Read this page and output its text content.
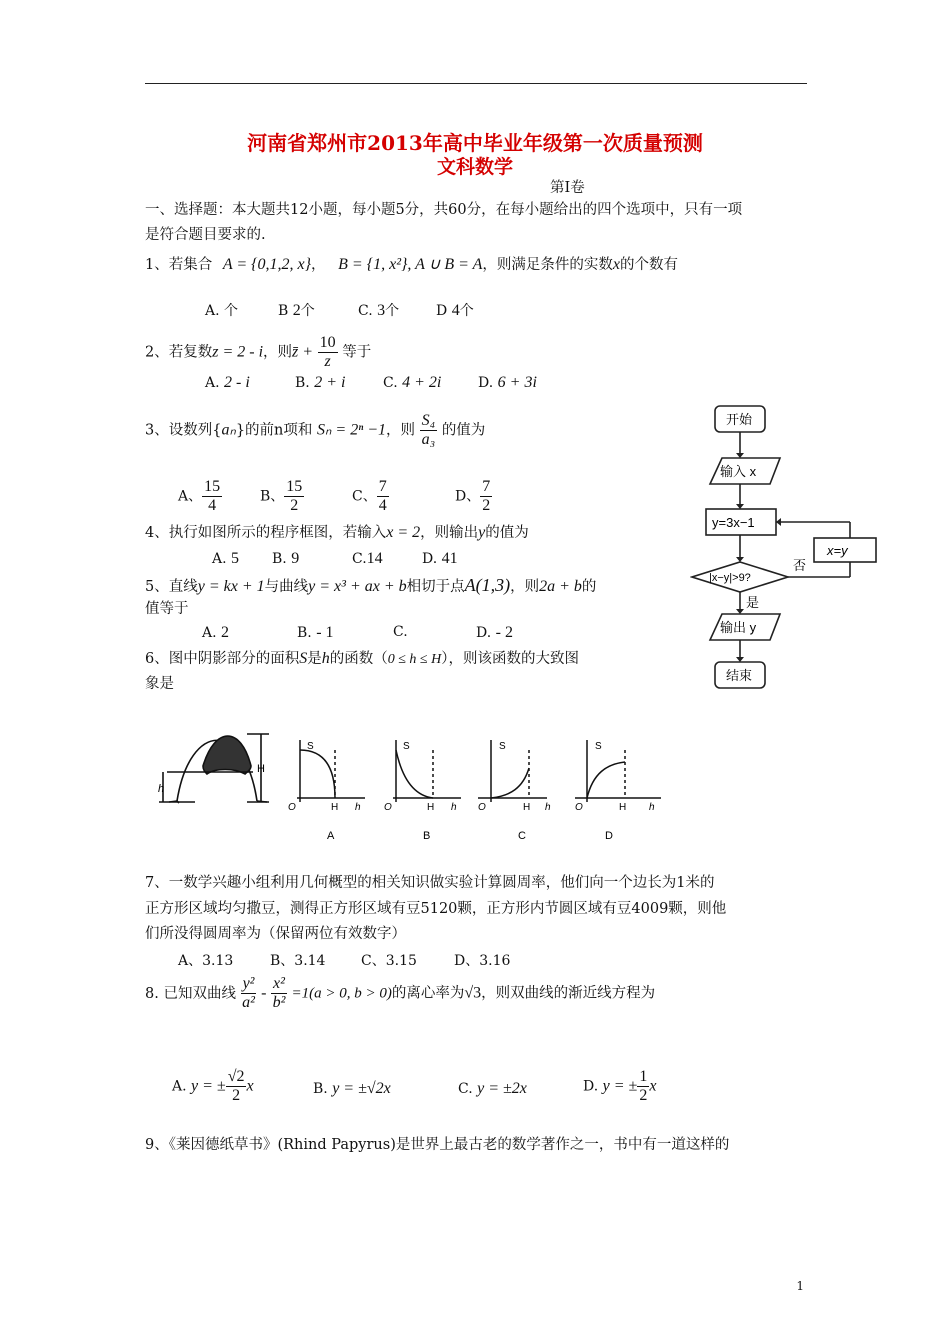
河南省郑州市2013年高中毕业年级第一次质量预测
文科数学
第Ⅰ卷
一、选择题：本大题共12小题，每小题5分，共60分，在每小题给出的四个选项中，只有一项
是符合题目要求的.
1、若集合 A = {0,1,2, x}， B = {1, x²}, A ∪ B = A，则满足条件的实数x的个数有
A. 个	B 2个	C. 3个	D 4个
2、若复数z = 2 - i，则z̄ + $\frac{10}{z}$ 等于
A. 2 - i	B. 2 + i	C. 4 + 2i	D. 6 + 3i
3、设数列{aₙ}的前n项和 Sₙ = 2ⁿ −1，则 $\frac{\text{S₄}}{\text{a₃}}$ 的值为
A、 $\frac{15}{4}$	B、 $\frac{15}{2}$	C、 $\frac{7}{4}$	D、 $\frac{7}{2}$
4、执行如图所示的程序框图，若输入x = 2，则输出y的值为
A. 5 B. 9	C.14	D. 41
5、直线y = kx + 1与曲线y = x³ + ax + b相切于点A(1,3)，则2a + b的
值等于
A. 2	B. - 1	C.	D. - 2
6、图中阴影部分的面积S是h的函数（0 ≤ h ≤ H），则该函数的大致图
象是
h
H
S
O	H h
A
S
O	H h
B
S
O	H h
C
S
O	H h
D
7、一数学兴趣小组利用几何概型的相关知识做实验计算圆周率，他们向一个边长为1米的
正方形区域均匀撒豆，测得正方形区域有豆5120颗，正方形内节圆区域有豆4009颗，则他
们所没得圆周率为（保留两位有效数字）
A、3.13	B、3.14	C、3.15	D、3.16
8. 已知双曲线 $\frac{\text{y²}}{\text{a²}} - \frac{\text{x²}}{\text{b²}} =1(a > 0$, b > 0)的离心率为√3，则双曲线的渐近线方程为
A. y = ± $\frac{√2}{2}$ x	B. y = ±√2x	C. y = ±2x	D. y = ± $\frac{1}{2}$ x
9、《莱因德纸草书》(Rhind Papyrus)是世界上最古老的数学著作之一，书中有一道这样的
开始
输入 x
y=3x−1
|x−y|>9?
否
x=y
是
输出 y
结束
1
